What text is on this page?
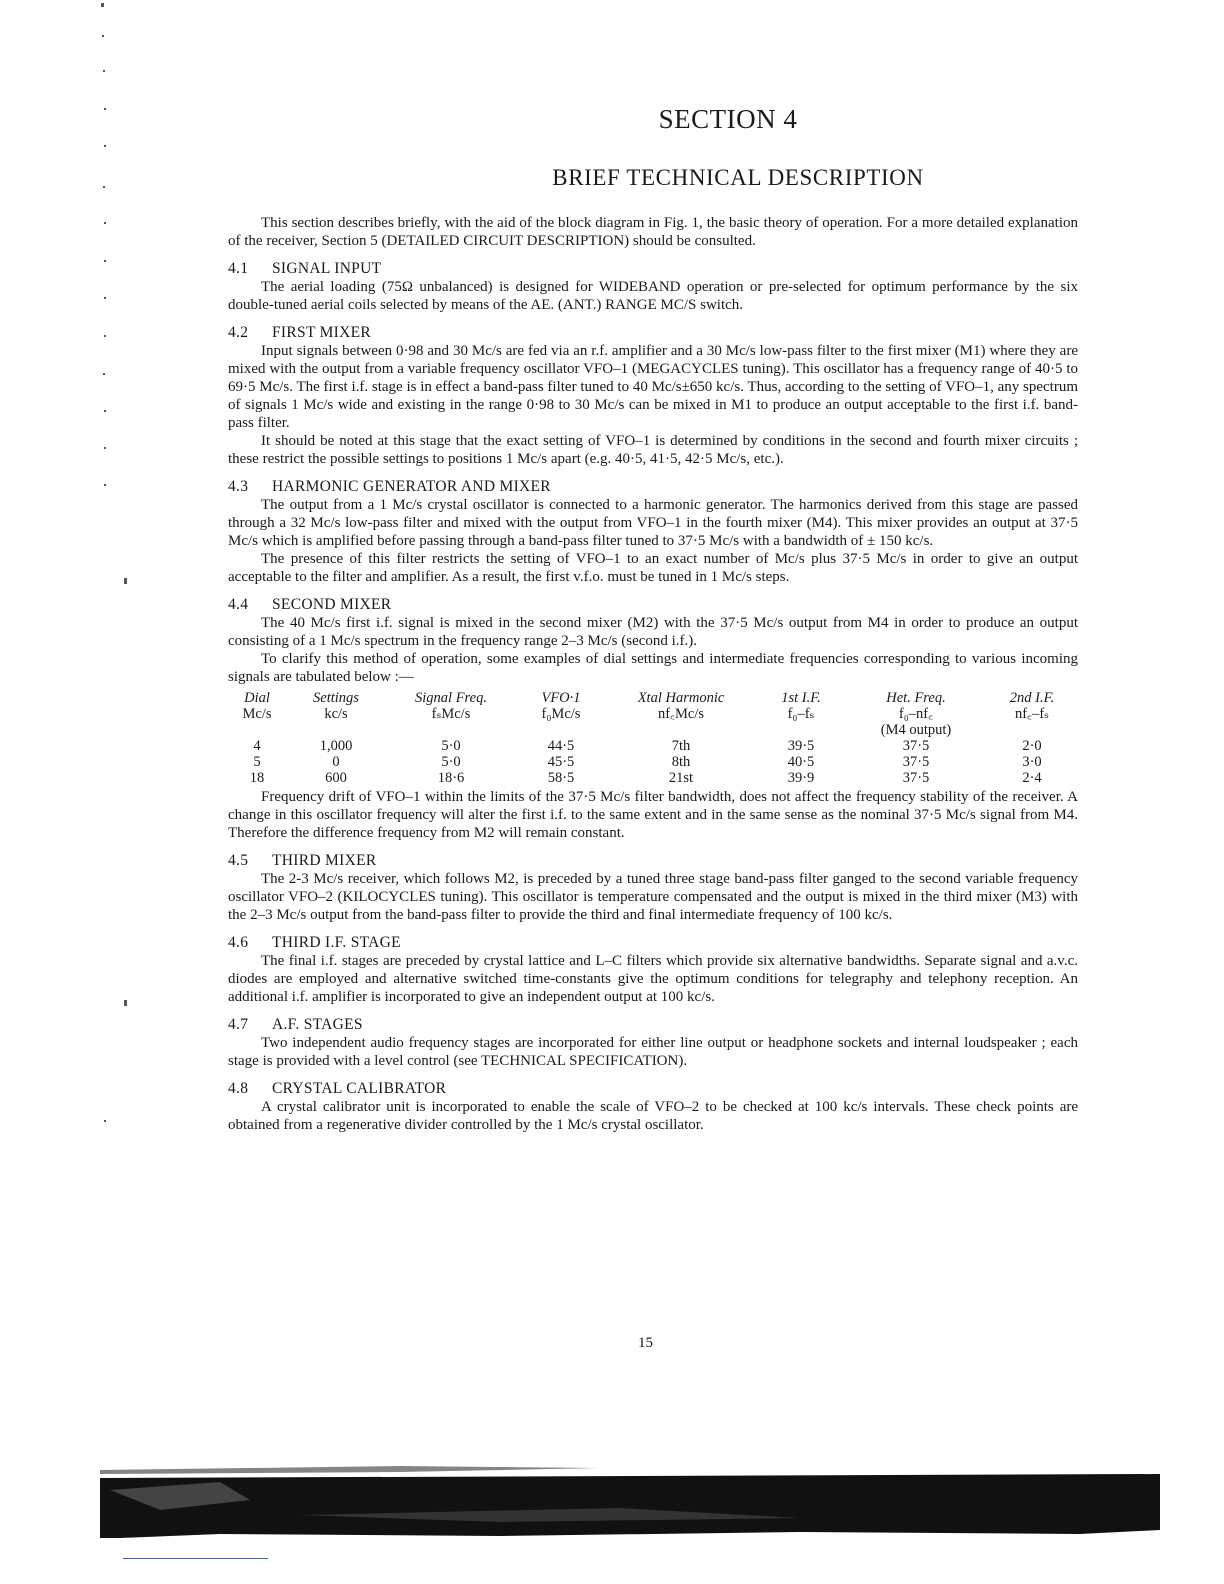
SECTION 4
BRIEF TECHNICAL DESCRIPTION

This section describes briefly, with the aid of the block diagram in Fig. 1, the basic theory of operation. For a more detailed explanation of the receiver, Section 5 (DETAILED CIRCUIT DESCRIPTION) should be consulted.

4.1 SIGNAL INPUT

The aerial loading (75Ω unbalanced) is designed for WIDEBAND operation or pre-selected for optimum performance by the six double-tuned aerial coils selected by means of the AE. (ANT.) RANGE MC/S switch.

4.2 FIRST MIXER

Input signals between 0·98 and 30 Mc/s are fed via an r.f. amplifier and a 30 Mc/s low-pass filter to the first mixer (M1) where they are mixed with the output from a variable frequency oscillator VFO–1 (MEGACYCLES tuning). This oscillator has a frequency range of 40·5 to 69·5 Mc/s. The first i.f. stage is in effect a band-pass filter tuned to 40 Mc/s±650 kc/s. Thus, according to the setting of VFO–1, any spectrum of signals 1 Mc/s wide and existing in the range 0·98 to 30 Mc/s can be mixed in M1 to produce an output acceptable to the first i.f. band-pass filter.

It should be noted at this stage that the exact setting of VFO–1 is determined by conditions in the second and fourth mixer circuits ; these restrict the possible settings to positions 1 Mc/s apart (e.g. 40·5, 41·5, 42·5 Mc/s, etc.).

4.3 HARMONIC GENERATOR AND MIXER

The output from a 1 Mc/s crystal oscillator is connected to a harmonic generator. The harmonics derived from this stage are passed through a 32 Mc/s low-pass filter and mixed with the output from VFO–1 in the fourth mixer (M4). This mixer provides an output at 37·5 Mc/s which is amplified before passing through a band-pass filter tuned to 37·5 Mc/s with a bandwidth of ± 150 kc/s.

The presence of this filter restricts the setting of VFO–1 to an exact number of Mc/s plus 37·5 Mc/s in order to give an output acceptable to the filter and amplifier. As a result, the first v.f.o. must be tuned in 1 Mc/s steps.

4.4 SECOND MIXER

The 40 Mc/s first i.f. signal is mixed in the second mixer (M2) with the 37·5 Mc/s output from M4 in order to produce an output consisting of a 1 Mc/s spectrum in the frequency range 2–3 Mc/s (second i.f.).

To clarify this method of operation, some examples of dial settings and intermediate frequencies corresponding to various incoming signals are tabulated below :—

Dial	Settings	Signal Freq.	VFO·1	Xtal Harmonic	1st I.F.	Het. Freq.	2nd I.F.
Mc/s	kc/s	fₛMc/s	f₀Mc/s	nf꜀Mc/s	f₀–fₛ	f₀–nf꜀	nf꜀–fₛ
						(M4 output)	
4	1,000	5·0	44·5	7th	39·5	37·5	2·0
5	0	5·0	45·5	8th	40·5	37·5	3·0
18	600	18·6	58·5	21st	39·9	37·5	2·4

Frequency drift of VFO–1 within the limits of the 37·5 Mc/s filter bandwidth, does not affect the frequency stability of the receiver. A change in this oscillator frequency will alter the first i.f. to the same extent and in the same sense as the nominal 37·5 Mc/s signal from M4. Therefore the difference frequency from M2 will remain constant.

4.5 THIRD MIXER

The 2-3 Mc/s receiver, which follows M2, is preceded by a tuned three stage band-pass filter ganged to the second variable frequency oscillator VFO–2 (KILOCYCLES tuning). This oscillator is temperature compensated and the output is mixed in the third mixer (M3) with the 2–3 Mc/s output from the band-pass filter to provide the third and final intermediate frequency of 100 kc/s.

4.6 THIRD I.F. STAGE

The final i.f. stages are preceded by crystal lattice and L–C filters which provide six alternative bandwidths. Separate signal and a.v.c. diodes are employed and alternative switched time-constants give the optimum conditions for telegraphy and telephony reception. An additional i.f. amplifier is incorporated to give an independent output at 100 kc/s.

4.7 A.F. STAGES

Two independent audio frequency stages are incorporated for either line output or headphone sockets and internal loudspeaker ; each stage is provided with a level control (see TECHNICAL SPECIFICATION).

4.8 CRYSTAL CALIBRATOR

A crystal calibrator unit is incorporated to enable the scale of VFO–2 to be checked at 100 kc/s intervals. These check points are obtained from a regenerative divider controlled by the 1 Mc/s crystal oscillator.

15
